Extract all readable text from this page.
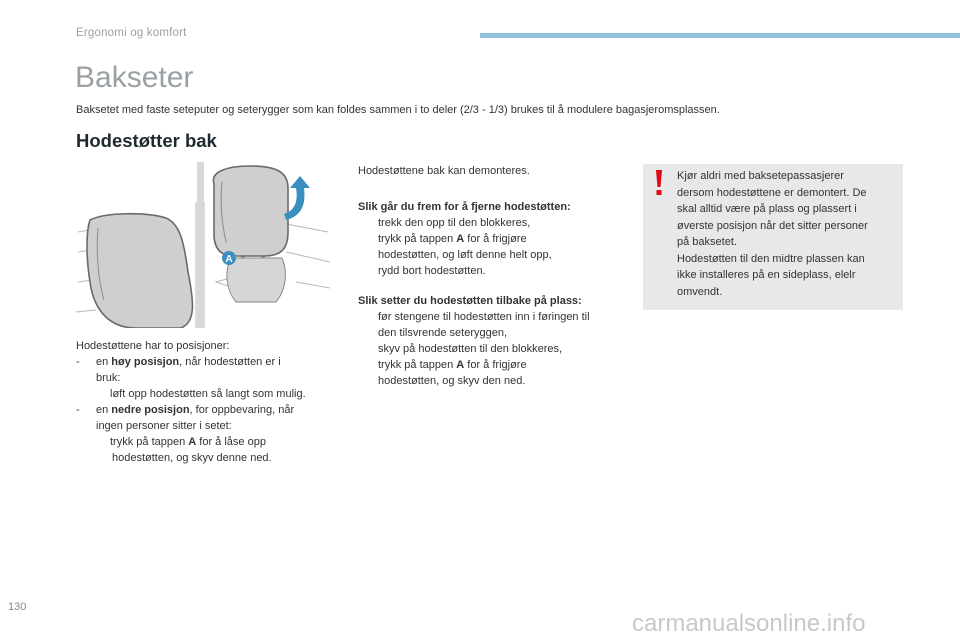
Ergonomi og komfort
Bakseter
Baksetet med faste seteputer og seterygger som kan foldes sammen i to deler (2/3 - 1/3) brukes til å modulere bagasjeromsplassen.
Hodestøtter bak
A
Hodestøttene har to posisjoner:
-	en høy posisjon, når hodestøtten er i
bruk:
løft opp hodestøtten så langt som mulig.
-	en nedre posisjon, for oppbevaring, når
ingen personer sitter i setet:
trykk på tappen A for å låse opp
hodestøtten, og skyv denne ned.
Hodestøttene bak kan demonteres.
Slik går du frem for å fjerne hodestøtten:
trekk den opp til den blokkeres,
trykk på tappen A for å frigjøre
hodestøtten, og løft denne helt opp,
rydd bort hodestøtten.
Slik setter du hodestøtten tilbake på plass:
før stengene til hodestøtten inn i føringen til
den tilsvrende seteryggen,
skyv på hodestøtten til den blokkeres,
trykk på tappen A for å frigjøre
hodestøtten, og skyv den ned.
Kjør aldri med baksetepassasjerer
dersom hodestøttene er demontert. De
skal alltid være på plass og plassert i
øverste posisjon når det sitter personer
på baksetet.
Hodestøtten til den midtre plassen kan
ikke installeres på en sideplass, elelr
omvendt.
130
carmanualsonline.info
